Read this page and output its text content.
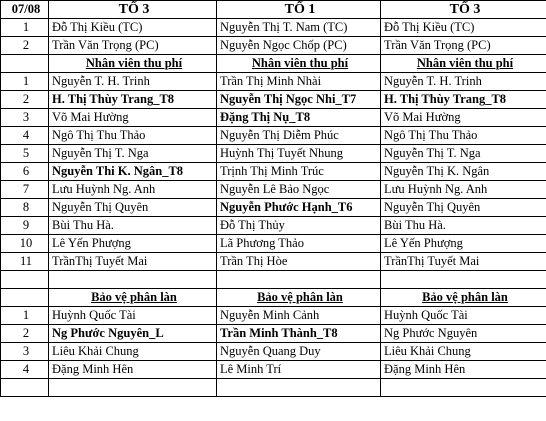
07/08	TỔ 3	TỔ 1	TỔ 3
1	Đỗ Thị Kiều (TC)	Nguyễn Thị T. Nam (TC)	Đỗ Thị Kiều (TC)
2	Trần Văn Trọng (PC)	Nguyễn Ngọc Chốp (PC)	Trần Văn Trọng (PC)
	Nhân viên thu phí	Nhân viên thu phí	Nhân viên thu phí
1	Nguyễn T. H. Trinh	Trần Thị Minh Nhài	Nguyễn T. H. Trinh
2	H. Thị Thùy Trang_T8	Nguyễn Thị Ngọc Nhi_T7	H. Thị Thùy Trang_T8
3	Võ Mai Hường	Đặng Thị Nụ_T8	Võ Mai Hường
4	Ngô Thị Thu Thảo	Nguyễn Thị Diễm Phúc	Ngô Thị Thu Thảo
5	Nguyễn Thị T. Nga	Huỳnh Thị Tuyết Nhung	Nguyễn Thị T. Nga
6	Nguyễn Thi K. Ngân_T8	Trịnh Thị Minh Trúc	Nguyễn Thị K. Ngân
7	Lưu Huỳnh Ng. Anh	Nguyễn Lê Bảo Ngọc	Lưu Huỳnh Ng. Anh
8	Nguyễn Thị Quyên	Nguyễn Phước Hạnh_T6	Nguyễn Thị Quyên
9	Bùi Thu Hà.	Đỗ Thị Thủy	Bùi Thu Hà.
10	Lê Yến Phượng	Lã Phương Thảo	Lê Yến Phượng
11	TrầnThị Tuyết Mai	Trần Thị Hòe	TrầnThị Tuyết Mai

	Bảo vệ phân làn	Bảo vệ phân làn	Bảo vệ phân làn
1	Huỳnh Quốc Tài	Nguyễn Minh Cảnh	Huỳnh Quốc Tài
2	Ng Phước Nguyên_L	Trần Minh Thành_T8	Ng Phước Nguyên
3	Liêu Khải Chung	Nguyễn Quang Duy	Liêu Khải Chung
4	Đặng Minh Hên	Lê Minh Trí	Đặng Minh Hên
